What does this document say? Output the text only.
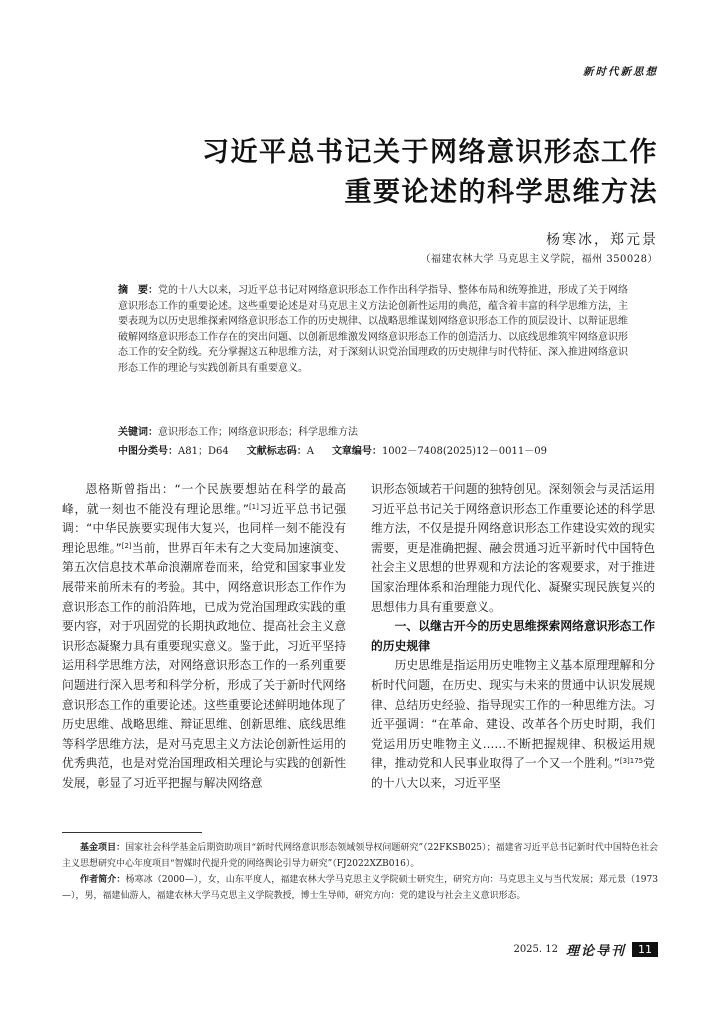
新时代新思想
习近平总书记关于网络意识形态工作
重要论述的科学思维方法
杨寒冰，郑元景
（福建农林大学 马克思主义学院，福州 350028）
摘　要：党的十八大以来，习近平总书记对网络意识形态工作作出科学指导、整体布局和统筹推进，形成了关于网络意识形态工作的重要论述。这些重要论述是对马克思主义方法论创新性运用的典范，蕴含着丰富的科学思维方法，主要表现为以历史思维探索网络意识形态工作的历史规律、以战略思维谋划网络意识形态工作的顶层设计、以辩证思维破解网络意识形态工作存在的突出问题、以创新思维激发网络意识形态工作的创造活力、以底线思维筑牢网络意识形态工作的安全防线。充分掌握这五种思维方法，对于深刻认识党治国理政的历史规律与时代特征、深入推进网络意识形态工作的理论与实践创新具有重要意义。
关键词：意识形态工作；网络意识形态；科学思维方法
中图分类号：A81；D64 文献标志码：A 文章编号：1002－7408(2025)12－0011－09

恩格斯曾指出：“一个民族要想站在科学的最高峰，就一刻也不能没有理论思维。”[1]习近平总书记强调：“中华民族要实现伟大复兴，也同样一刻不能没有理论思维。”[2]当前，世界百年未有之大变局加速演变、第五次信息技术革命浪潮席卷而来，给党和国家事业发展带来前所未有的考验。其中，网络意识形态工作作为意识形态工作的前沿阵地，已成为党治国理政实践的重要内容，对于巩固党的长期执政地位、提高社会主义意识形态凝聚力具有重要现实意义。鉴于此，习近平坚持运用科学思维方法，对网络意识形态工作的一系列重要问题进行深入思考和科学分析，形成了关于新时代网络意识形态工作的重要论述。这些重要论述鲜明地体现了历史思维、战略思维、辩证思维、创新思维、底线思维等科学思维方法，是对马克思主义方法论创新性运用的优秀典范，也是对党治国理政相关理论与实践的创新性发展，彰显了习近平把握与解决网络意

识形态领域若干问题的独特创见。深刻领会与灵活运用习近平总书记关于网络意识形态工作重要论述的科学思维方法，不仅是提升网络意识形态工作建设实效的现实需要，更是准确把握、融会贯通习近平新时代中国特色社会主义思想的世界观和方法论的客观要求，对于推进国家治理体系和治理能力现代化、凝聚实现民族复兴的思想伟力具有重要意义。

一、以继古开今的历史思维探索网络意识形态工作的历史规律

历史思维是指运用历史唯物主义基本原理理解和分析时代问题，在历史、现实与未来的贯通中认识发展规律、总结历史经验、指导现实工作的一种思维方法。习近平强调：“在革命、建设、改革各个历史时期，我们党运用历史唯物主义……不断把握规律、积极运用规律，推动党和人民事业取得了一个又一个胜利。”$^{[3]175}$党的十八大以来，习近平坚

基金项目：国家社会科学基金后期资助项目“新时代网络意识形态领域领导权问题研究”（22FKSB025）；福建省习近平总书记新时代中国特色社会主义思想研究中心年度项目“智媒时代提升党的网络舆论引导力研究”（FJ2022XZB016）。

作者简介：杨寒冰（2000—），女，山东平度人，福建农林大学马克思主义学院硕士研究生，研究方向：马克思主义与当代发展；郑元景（1973—），男，福建仙游人，福建农林大学马克思主义学院教授，博士生导师，研究方向：党的建设与社会主义意识形态。

2025. 12 理论导刊	11
